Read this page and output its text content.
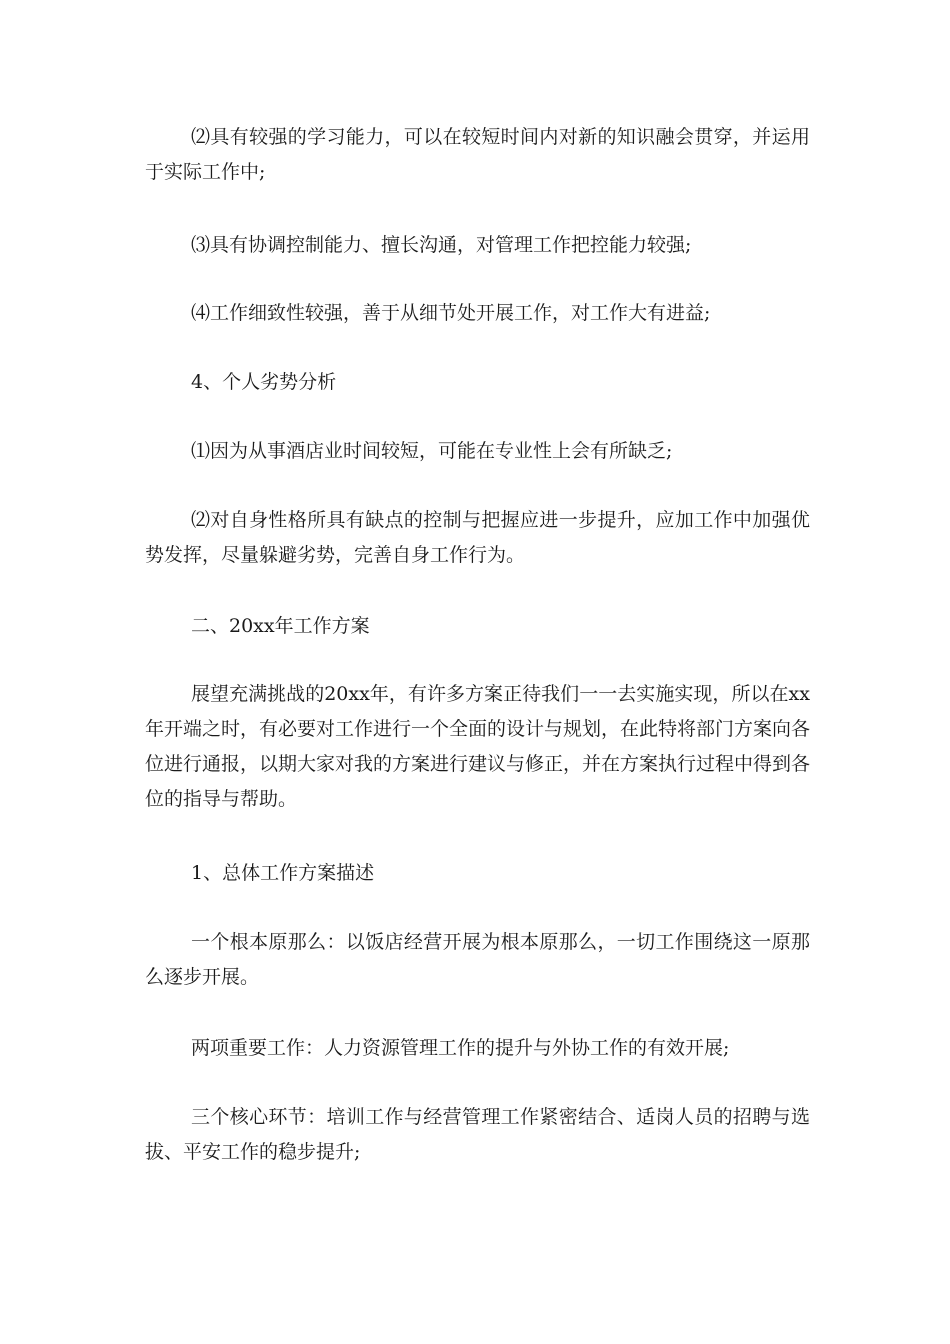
⑵具有较强的学习能力，可以在较短时间内对新的知识融会贯穿，并运用于实际工作中;

⑶具有协调控制能力、擅长沟通，对管理工作把控能力较强;

⑷工作细致性较强，善于从细节处开展工作，对工作大有进益;

4、个人劣势分析

⑴因为从事酒店业时间较短，可能在专业性上会有所缺乏;

⑵对自身性格所具有缺点的控制与把握应进一步提升，应加工作中加强优势发挥，尽量躲避劣势，完善自身工作行为。

二、20xx年工作方案

展望充满挑战的20xx年，有许多方案正待我们一一去实施实现，所以在xx年开端之时，有必要对工作进行一个全面的设计与规划，在此特将部门方案向各位进行通报，以期大家对我的方案进行建议与修正，并在方案执行过程中得到各位的指导与帮助。

1、总体工作方案描述

一个根本原那么：以饭店经营开展为根本原那么，一切工作围绕这一原那么逐步开展。

两项重要工作：人力资源管理工作的提升与外协工作的有效开展;

三个核心环节：培训工作与经营管理工作紧密结合、适岗人员的招聘与选拔、平安工作的稳步提升;
